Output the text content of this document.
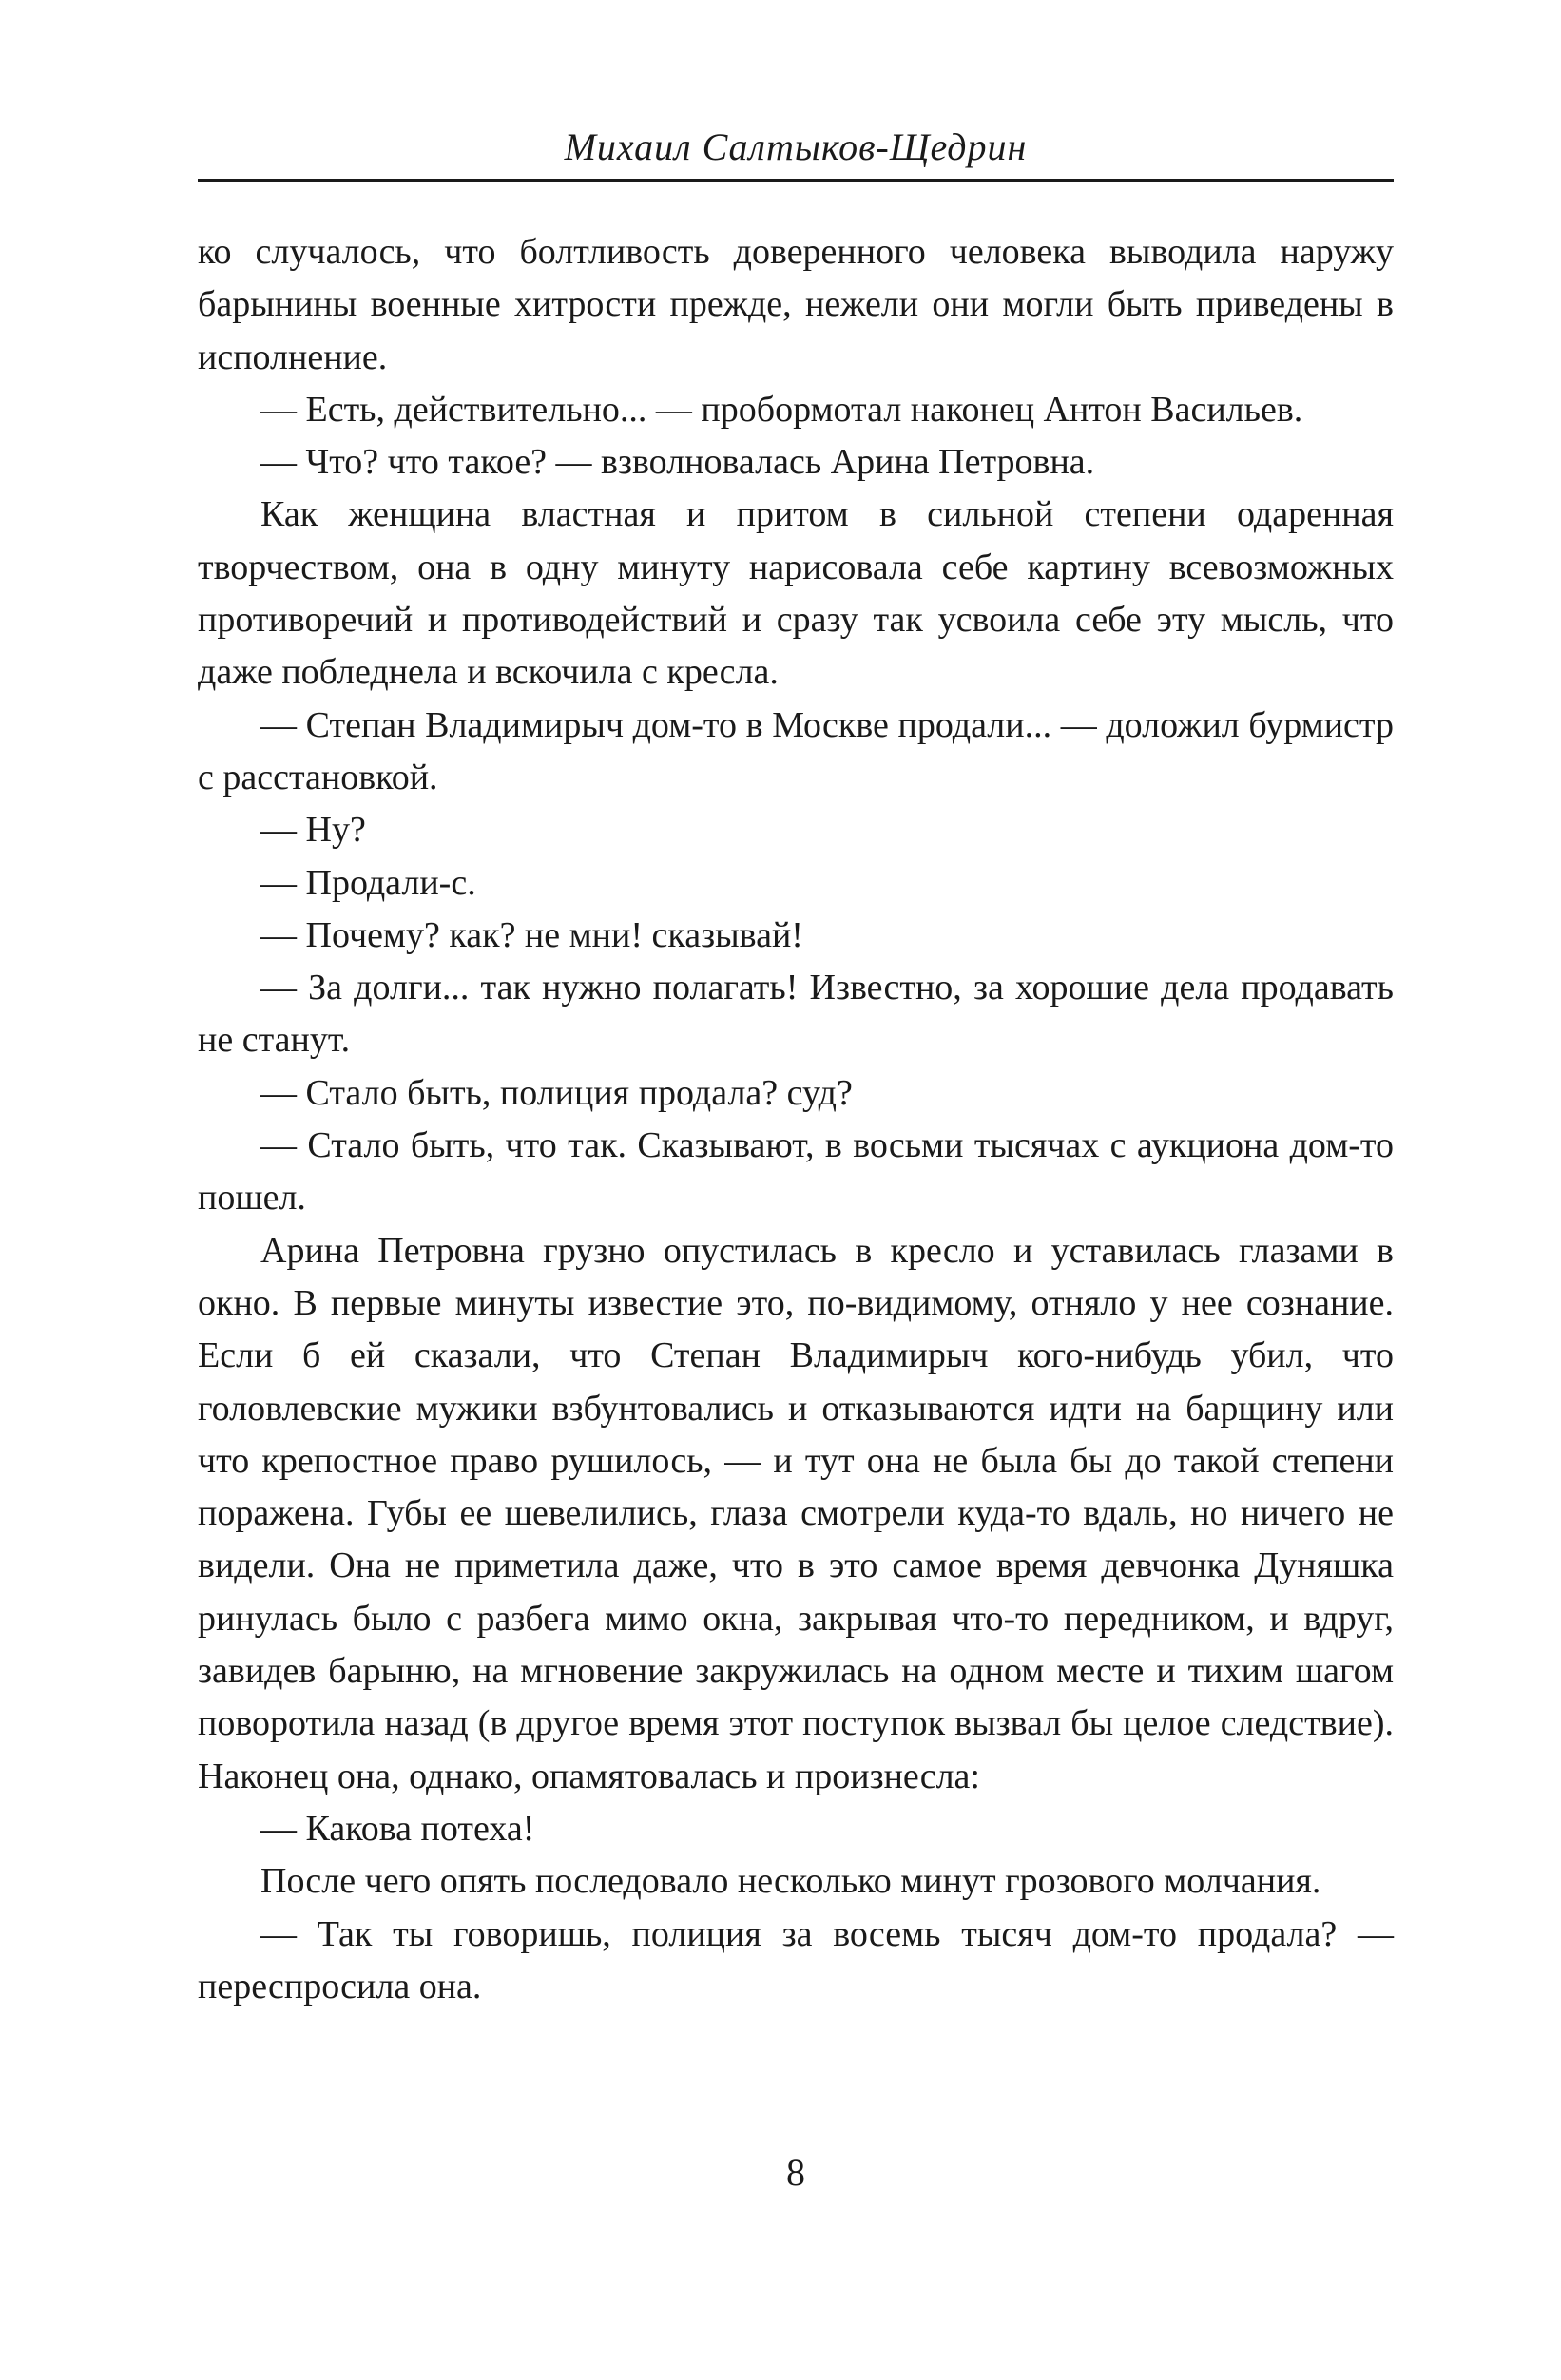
Михаил Салтыков-Щедрин

ко случалось, что болтливость доверенного человека выводила наружу барынины военные хитрости прежде, нежели они могли быть приведены в исполнение.

— Есть, действительно... — пробормотал наконец Антон Васильев.

— Что? что такое? — взволновалась Арина Петровна.

Как женщина властная и притом в сильной степени одаренная творчеством, она в одну минуту нарисовала себе картину всевозможных противоречий и противодействий и сразу так усвоила себе эту мысль, что даже побледнела и вскочила с кресла.

— Степан Владимирыч дом-то в Москве продали... — доложил бурмистр с расстановкой.

— Ну?

— Продали-с.

— Почему? как? не мни! сказывай!

— За долги... так нужно полагать! Известно, за хорошие дела продавать не станут.

— Стало быть, полиция продала? суд?

— Стало быть, что так. Сказывают, в восьми тысячах с аукциона дом-то пошел.

Арина Петровна грузно опустилась в кресло и уставилась глазами в окно. В первые минуты известие это, по-видимому, отняло у нее сознание. Если б ей сказали, что Степан Владимирыч кого-нибудь убил, что головлевские мужики взбунтовались и отказываются идти на барщину или что крепостное право рушилось, — и тут она не была бы до такой степени поражена. Губы ее шевелились, глаза смотрели куда-то вдаль, но ничего не видели. Она не приметила даже, что в это самое время девчонка Дуняшка ринулась было с разбега мимо окна, закрывая что-то передником, и вдруг, завидев барыню, на мгновение закружилась на одном месте и тихим шагом поворотила назад (в другое время этот поступок вызвал бы целое следствие). Наконец она, однако, опамятовалась и произнесла:

— Какова потеха!

После чего опять последовало несколько минут грозового молчания.

— Так ты говоришь, полиция за восемь тысяч дом-то продала? — переспросила она.

8
